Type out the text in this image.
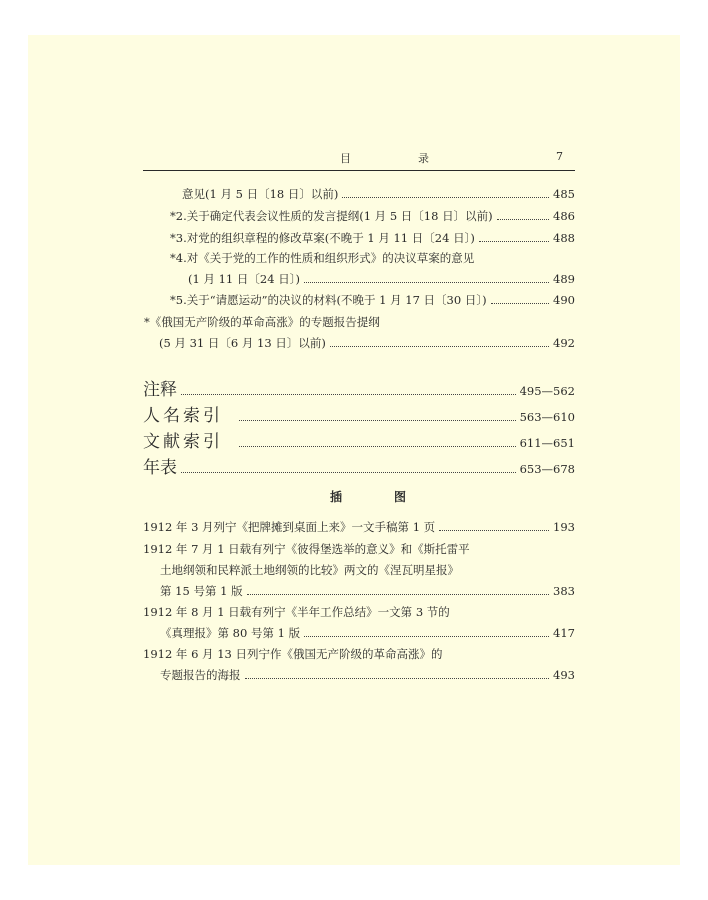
目　录	7
意见(1 月 5 日〔18 日〕以前)	485
*2.关于确定代表会议性质的发言提纲(1 月 5 日〔18 日〕以前)	486
*3.对党的组织章程的修改草案(不晚于 1 月 11 日〔24 日〕)	488
*4.对《关于党的工作的性质和组织形式》的决议草案的意见
(1 月 11 日〔24 日〕)	489
*5.关于“请愿运动”的决议的材料(不晚于 1 月 17 日〔30 日〕)	490
*《俄国无产阶级的革命高涨》的专题报告提纲
(5 月 31 日〔6 月 13 日〕以前)	492
注释	495—562
人名索引	563—610
文献索引	611—651
年表	653—678
插　图
1912 年 3 月列宁《把牌摊到桌面上来》一文手稿第 1 页	193
1912 年 7 月 1 日载有列宁《彼得堡选举的意义》和《斯托雷平
土地纲领和民粹派土地纲领的比较》两文的《涅瓦明星报》
第 15 号第 1 版	383
1912 年 8 月 1 日载有列宁《半年工作总结》一文第 3 节的
《真理报》第 80 号第 1 版	417
1912 年 6 月 13 日列宁作《俄国无产阶级的革命高涨》的
专题报告的海报	493
